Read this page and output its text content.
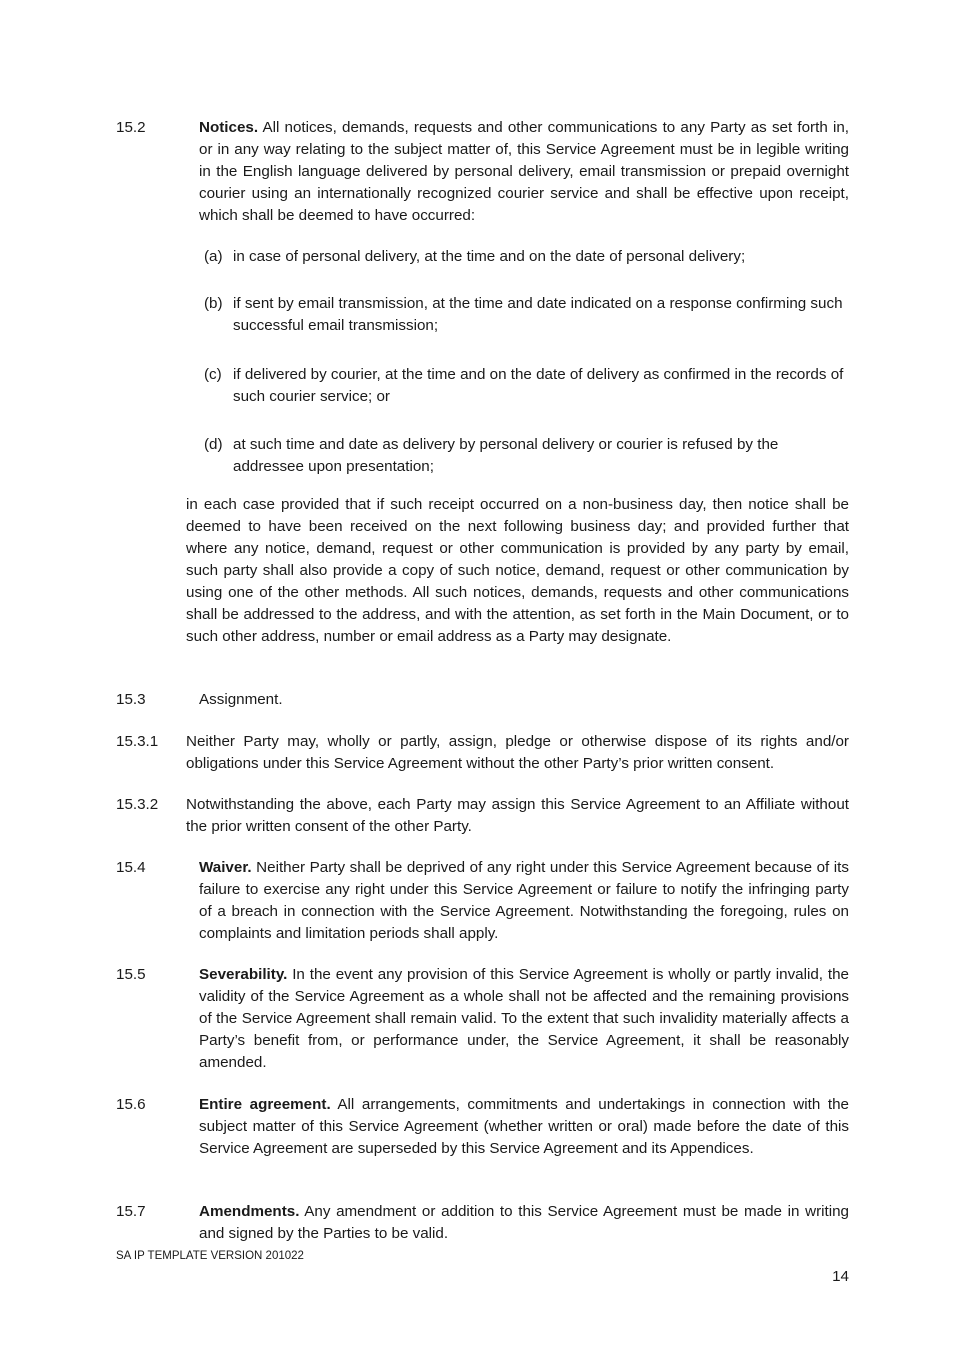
15.2	Notices. All notices, demands, requests and other communications to any Party as set forth in, or in any way relating to the subject matter of, this Service Agreement must be in legible writing in the English language delivered by personal delivery, email transmission or prepaid overnight courier using an internationally recognized courier service and shall be effective upon receipt, which shall be deemed to have occurred:
(a) in case of personal delivery, at the time and on the date of personal delivery;
(b) if sent by email transmission, at the time and date indicated on a response confirming such successful email transmission;
(c) if delivered by courier, at the time and on the date of delivery as confirmed in the records of such courier service; or
(d) at such time and date as delivery by personal delivery or courier is refused by the addressee upon presentation;
in each case provided that if such receipt occurred on a non-business day, then notice shall be deemed to have been received on the next following business day; and provided further that where any notice, demand, request or other communication is provided by any party by email, such party shall also provide a copy of such notice, demand, request or other communication by using one of the other methods. All such notices, demands, requests and other communications shall be addressed to the address, and with the attention, as set forth in the Main Document, or to such other address, number or email address as a Party may designate.
15.3	Assignment.
15.3.1 Neither Party may, wholly or partly, assign, pledge or otherwise dispose of its rights and/or obligations under this Service Agreement without the other Party’s prior written consent.
15.3.2 Notwithstanding the above, each Party may assign this Service Agreement to an Affiliate without the prior written consent of the other Party.
15.4	Waiver. Neither Party shall be deprived of any right under this Service Agreement because of its failure to exercise any right under this Service Agreement or failure to notify the infringing party of a breach in connection with the Service Agreement. Notwithstanding the foregoing, rules on complaints and limitation periods shall apply.
15.5	Severability. In the event any provision of this Service Agreement is wholly or partly invalid, the validity of the Service Agreement as a whole shall not be affected and the remaining provisions of the Service Agreement shall remain valid. To the extent that such invalidity materially affects a Party’s benefit from, or performance under, the Service Agreement, it shall be reasonably amended.
15.6	Entire agreement. All arrangements, commitments and undertakings in connection with the subject matter of this Service Agreement (whether written or oral) made before the date of this Service Agreement are superseded by this Service Agreement and its Appendices.
15.7	Amendments. Any amendment or addition to this Service Agreement must be made in writing and signed by the Parties to be valid.
SA IP TEMPLATE VERSION 201022
14
